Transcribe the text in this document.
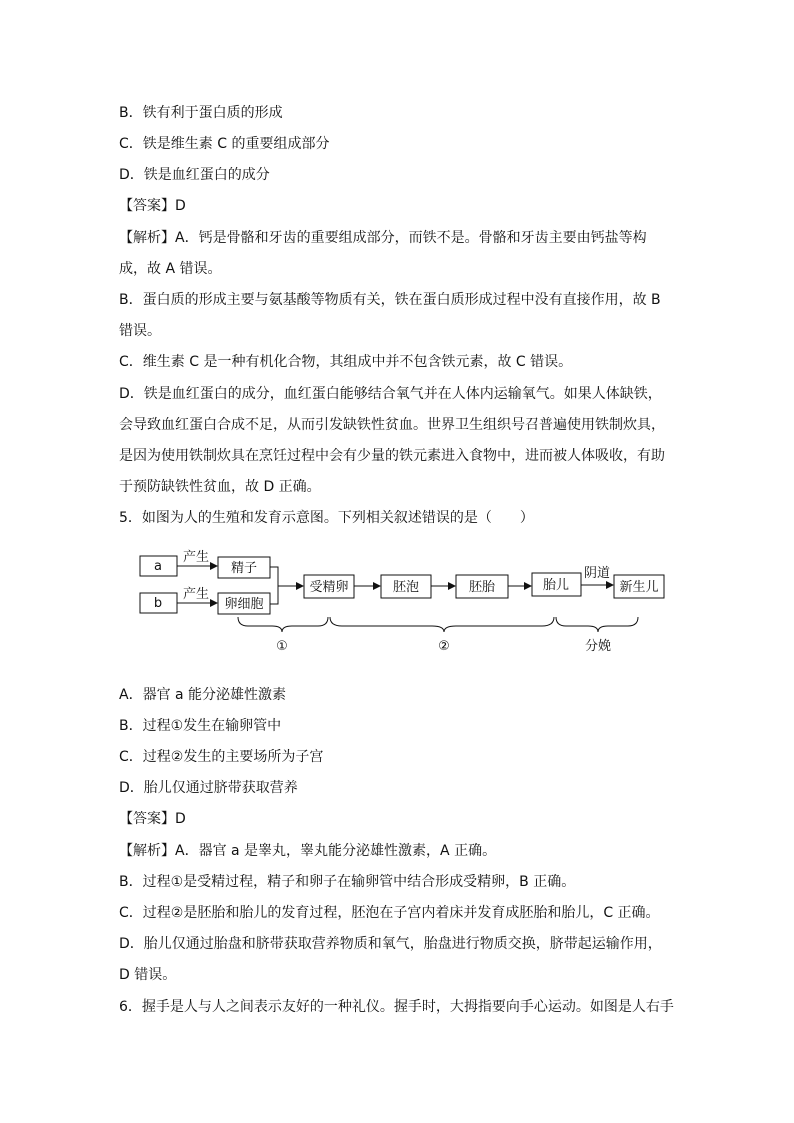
B．铁有利于蛋白质的形成
C．铁是维生素 C 的重要组成部分
D．铁是血红蛋白的成分
【答案】D
【解析】A．钙是骨骼和牙齿的重要组成部分，而铁不是。骨骼和牙齿主要由钙盐等构
成，故 A 错误。
B．蛋白质的形成主要与氨基酸等物质有关，铁在蛋白质形成过程中没有直接作用，故 B
错误。
C．维生素 C 是一种有机化合物，其组成中并不包含铁元素，故 C 错误。
D．铁是血红蛋白的成分，血红蛋白能够结合氧气并在人体内运输氧气。如果人体缺铁，
会导致血红蛋白合成不足，从而引发缺铁性贫血。世界卫生组织号召普遍使用铁制炊具，
是因为使用铁制炊具在烹饪过程中会有少量的铁元素进入食物中，进而被人体吸收，有助
于预防缺铁性贫血，故 D 正确。
5．如图为人的生殖和发育示意图。下列相关叙述错误的是（　　）
a
b
产生
产生
精子
卵细胞
受精卵	胚泡	胚胎	胎儿
阴道
新生儿
①	②	分娩
A．器官 a 能分泌雄性激素
B．过程①发生在输卵管中
C．过程②发生的主要场所为子宫
D．胎儿仅通过脐带获取营养
【答案】D
【解析】A．器官 a 是睾丸，睾丸能分泌雄性激素，A 正确。
B．过程①是受精过程，精子和卵子在输卵管中结合形成受精卵，B 正确。
C．过程②是胚胎和胎儿的发育过程，胚泡在子宫内着床并发育成胚胎和胎儿，C 正确。
D．胎儿仅通过胎盘和脐带获取营养物质和氧气，胎盘进行物质交换，脐带起运输作用，
D 错误。
6．握手是人与人之间表示友好的一种礼仪。握手时，大拇指要向手心运动。如图是人右手
